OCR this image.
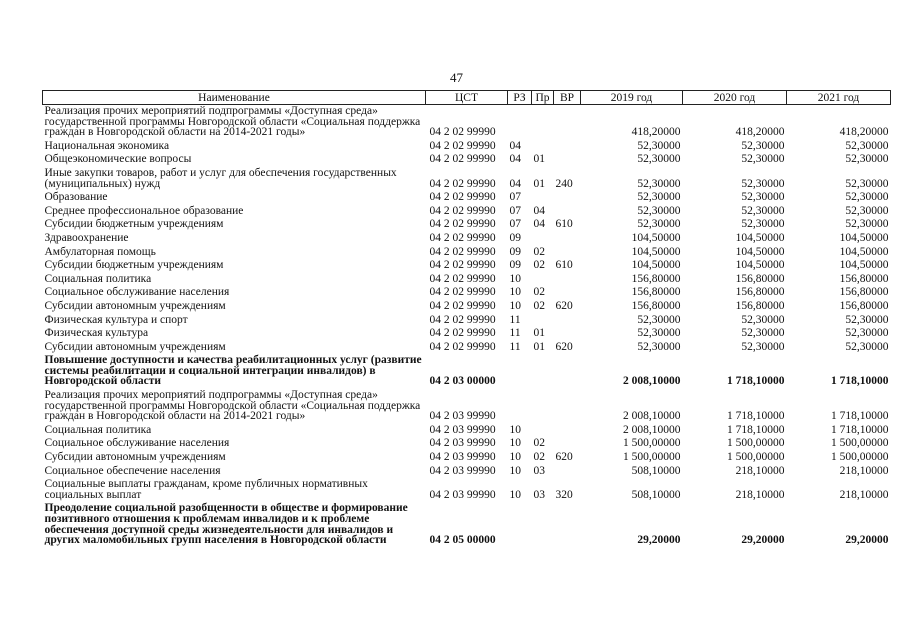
47
Наименование	ЦСТ	РЗ	Пр	ВР	2019 год	2020 год	2021 год
Реализация прочих мероприятий подпрограммы «Доступная среда» государственной программы Новгородской области «Социальная поддержка граждан в Новгородской области на 2014-2021 годы»	04 2 02 99990				418,20000	418,20000	418,20000
Национальная экономика	04 2 02 99990	04			52,30000	52,30000	52,30000
Общеэкономические вопросы	04 2 02 99990	04	01		52,30000	52,30000	52,30000
Иные закупки товаров, работ и услуг для обеспечения государственных (муниципальных) нужд	04 2 02 99990	04	01	240	52,30000	52,30000	52,30000
Образование	04 2 02 99990	07			52,30000	52,30000	52,30000
Среднее профессиональное образование	04 2 02 99990	07	04		52,30000	52,30000	52,30000
Субсидии бюджетным учреждениям	04 2 02 99990	07	04	610	52,30000	52,30000	52,30000
Здравоохранение	04 2 02 99990	09			104,50000	104,50000	104,50000
Амбулаторная помощь	04 2 02 99990	09	02		104,50000	104,50000	104,50000
Субсидии бюджетным учреждениям	04 2 02 99990	09	02	610	104,50000	104,50000	104,50000
Социальная политика	04 2 02 99990	10			156,80000	156,80000	156,80000
Социальное обслуживание населения	04 2 02 99990	10	02		156,80000	156,80000	156,80000
Субсидии автономным учреждениям	04 2 02 99990	10	02	620	156,80000	156,80000	156,80000
Физическая культура и спорт	04 2 02 99990	11			52,30000	52,30000	52,30000
Физическая культура	04 2 02 99990	11	01		52,30000	52,30000	52,30000
Субсидии автономным учреждениям	04 2 02 99990	11	01	620	52,30000	52,30000	52,30000
Повышение доступности и качества реабилитационных услуг (развитие системы реабилитации и социальной интеграции инвалидов) в Новгородской области	04 2 03 00000				2 008,10000	1 718,10000	1 718,10000
Реализация прочих мероприятий подпрограммы «Доступная среда» государственной программы Новгородской области «Социальная поддержка граждан в Новгородской области на 2014-2021 годы»	04 2 03 99990				2 008,10000	1 718,10000	1 718,10000
Социальная политика	04 2 03 99990	10			2 008,10000	1 718,10000	1 718,10000
Социальное обслуживание населения	04 2 03 99990	10	02		1 500,00000	1 500,00000	1 500,00000
Субсидии автономным учреждениям	04 2 03 99990	10	02	620	1 500,00000	1 500,00000	1 500,00000
Социальное обеспечение населения	04 2 03 99990	10	03		508,10000	218,10000	218,10000
Социальные выплаты гражданам, кроме публичных нормативных социальных выплат	04 2 03 99990	10	03	320	508,10000	218,10000	218,10000
Преодоление социальной разобщенности в обществе и формирование позитивного отношения к проблемам инвалидов и к проблеме обеспечения доступной среды жизнедеятельности для инвалидов и других маломобильных групп населения в Новгородской области	04 2 05 00000				29,20000	29,20000	29,20000
